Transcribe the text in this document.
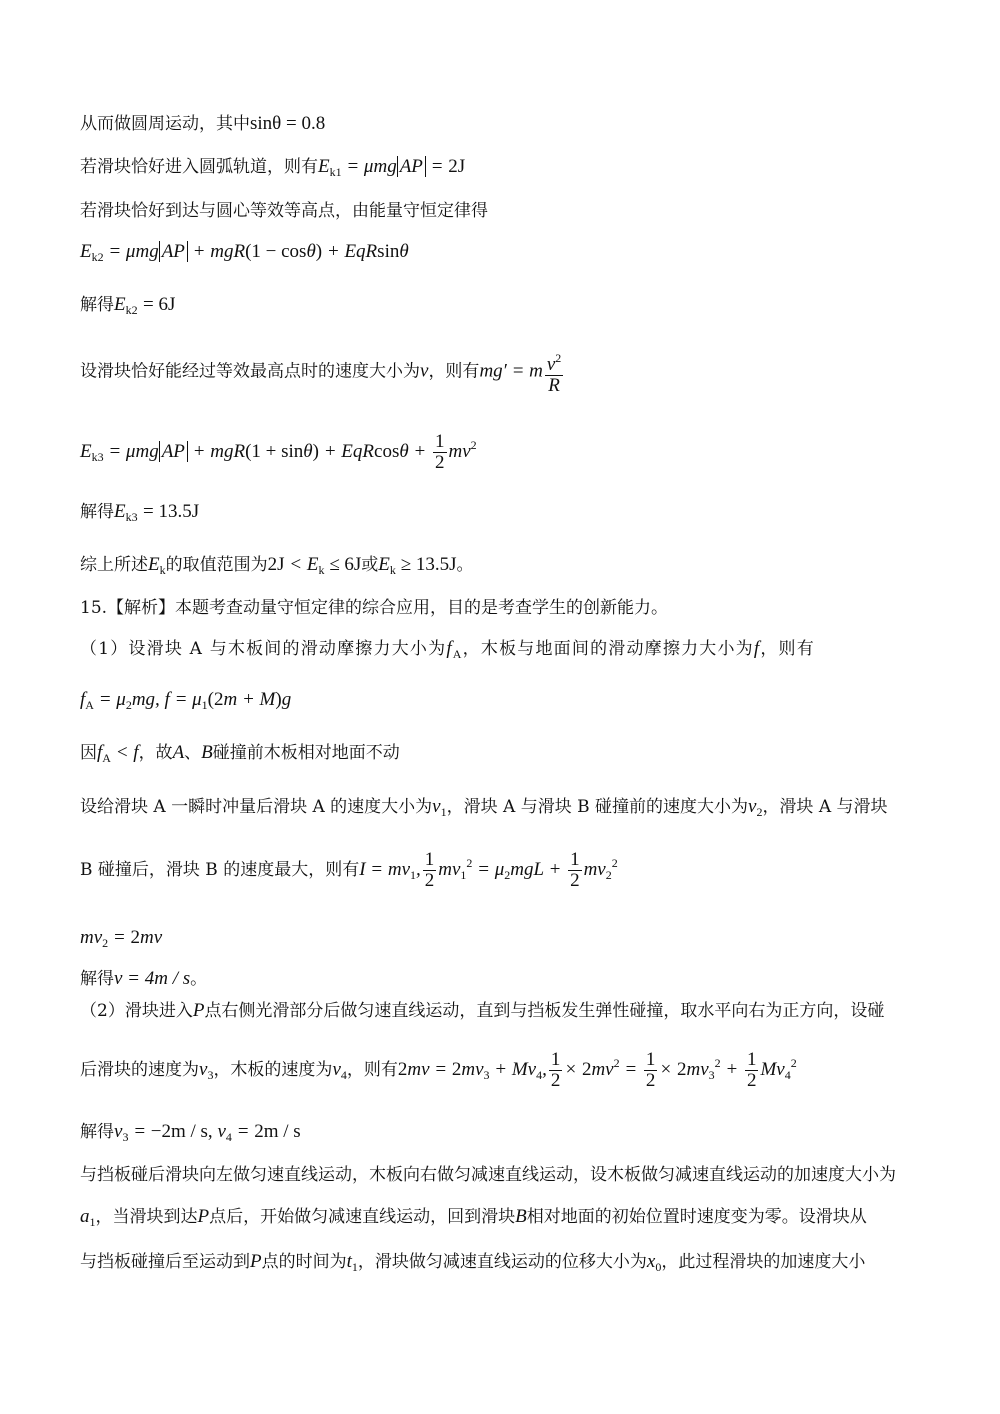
从而做圆周运动，其中sinθ = 0.8
若滑块恰好进入圆弧轨道，则有$E_{k1} = \mu mg$ AP = 2J
若滑块恰好到达与圆心等效等高点，由能量守恒定律得
$E_{k2} = \mu mg$ AP + mgR(1 − cosθ) + EqRsinθ
解得$E_{k2} = 6J$
设滑块恰好能经过等效最高点时的速度大小为v，则有mg′ = m $\frac{v^2}{R}$
$E_{k3} = \mu mg$ AP + $mgR(1 + \sin\theta) + EqRcos\theta + \frac{1}{2} mv^2$
解得$E_{k3} = 13.5J$
综上所述$E_k$的取值范围为$2J < E_k \le 6J$或$E_k \ge 13.5J$。
15.【解析】本题考查动量守恒定律的综合应用，目的是考查学生的创新能力。
（1）设滑块 A 与木板间的滑动摩擦力大小为$f_A$，木板与地面间的滑动摩擦力大小为f，则有
$f_A = \mu_2mg$, $f = \mu_1(2m + M)g$
因$f_A < f$，故A、B碰撞前木板相对地面不动
设给滑块 A 一瞬时冲量后滑块 A 的速度大小为$v_1$，滑块 A 与滑块 B 碰撞前的速度大小为$v_2$，滑块 A 与滑块
B 碰撞后，滑块 B 的速度最大，则有$I = mv_1$, $\frac{1}{2} mv_1^2 = \mu_2mgL + \frac{1}{2} mv_2^2$
$mv_2 = 2mv$
解得v = 4m / s。
（2）滑块进入P点右侧光滑部分后做匀速直线运动，直到与挡板发生弹性碰撞，取水平向右为正方向，设碰
后滑块的速度为$v_3$，木板的速度为$v_4$，则有$2mv = 2mv_3 + Mv_4$, $\frac{1}{2} \times 2mv^2 = \frac{1}{2} \times 2mv_3^2 + \frac{1}{2} Mv_4^2$
解得$v_3 = -2m / s$, $v_4 = 2m / s$
与挡板碰后滑块向左做匀速直线运动，木板向右做匀减速直线运动，设木板做匀减速直线运动的加速度大小为
$a_1$，当滑块到达P点后，开始做匀减速直线运动，回到滑块B相对地面的初始位置时速度变为零。设滑块从
与挡板碰撞后至运动到P点的时间为$t_1$，滑块做匀减速直线运动的位移大小为$x_0$，此过程滑块的加速度大小
